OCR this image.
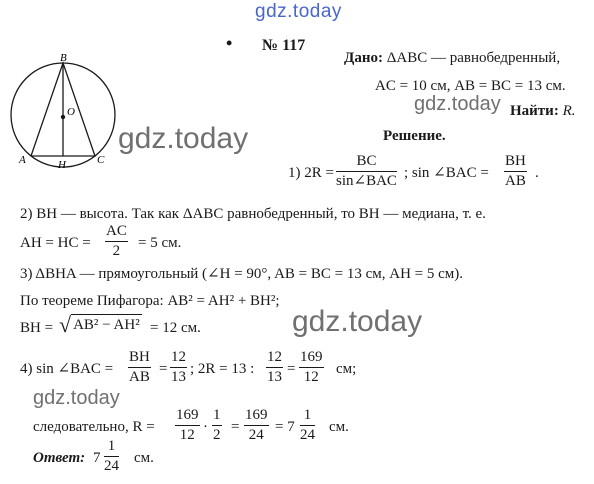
gdz.today
gdz.today
gdz.today
gdz.today
gdz.today
• № 117
B
O
A	H	C
Дано: ΔABC — равнобедренный,
AC = 10 см, AB = BC = 13 см.
Найти: R.
Решение.
1) 2R =
BC
sin∠BAC ; sin ∠BAC = $\frac{BH}{AB}$ .
2) BH — высота. Так как ΔABC равнобедренный, то BH — медиана, т. е.
AH = HC = $\frac{AC}{2} = 5$ см.
3) ΔBHA — прямоугольный (∠H = 90°, AB = BC = 13 см, AH = 5 см).
По теореме Пифагора: AB² = AH² + BH²;
BH = √ AB² − AH² = 12 см.
4) sin ∠BAC = $\frac{BH}{AB} = \frac{12}{13}$ ; 2R = 13 : $\frac{12}{13} = \frac{169}{12}$ см;
следовательно, $R = \frac{169}{12} \cdot \frac{1}{2} = \frac{169}{24} = 7 \frac{1}{24}$ см.
Ответ: $7 \frac{1}{24}$ см.
